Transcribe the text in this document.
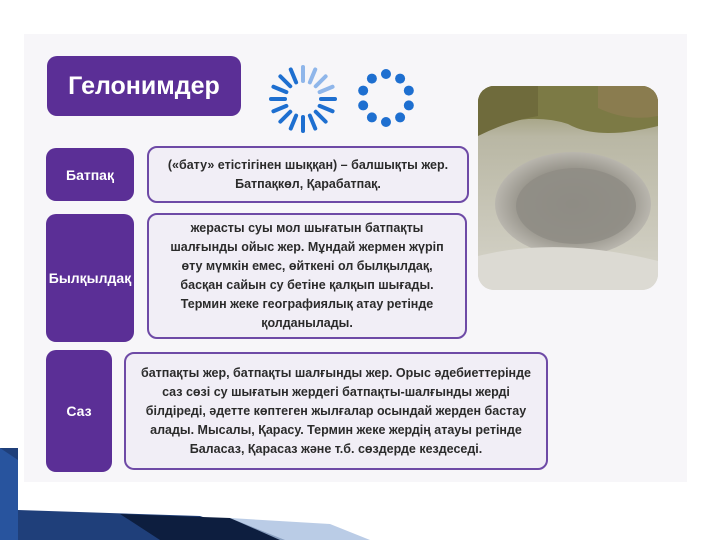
Гелонимдер
Батпақ
(«бату» етістігінен шыққан) – балшықты жер. Батпақкөл, Қарабатпақ.
Былқылдақ
жерасты суы мол шығатын батпақты шалғынды ойыс жер. Мұндай жермен жүріп өту мүмкін емес, өйткені ол былқылдақ, басқан сайын су бетіне қалқып шығады. Термин жеке географиялық атау ретінде қолданылады.
Саз
батпақты жер, батпақты шалғынды жер. Орыс әдебиеттерінде саз сөзі су шығатын жердегі батпақты-шалғынды жерді білдіреді, әдетте көптеген жылғалар осындай жерден бастау алады. Мысалы, Қарасу. Термин жеке жердің атауы ретінде Баласаз, Қарасаз және т.б. сөздерде кездеседі.
